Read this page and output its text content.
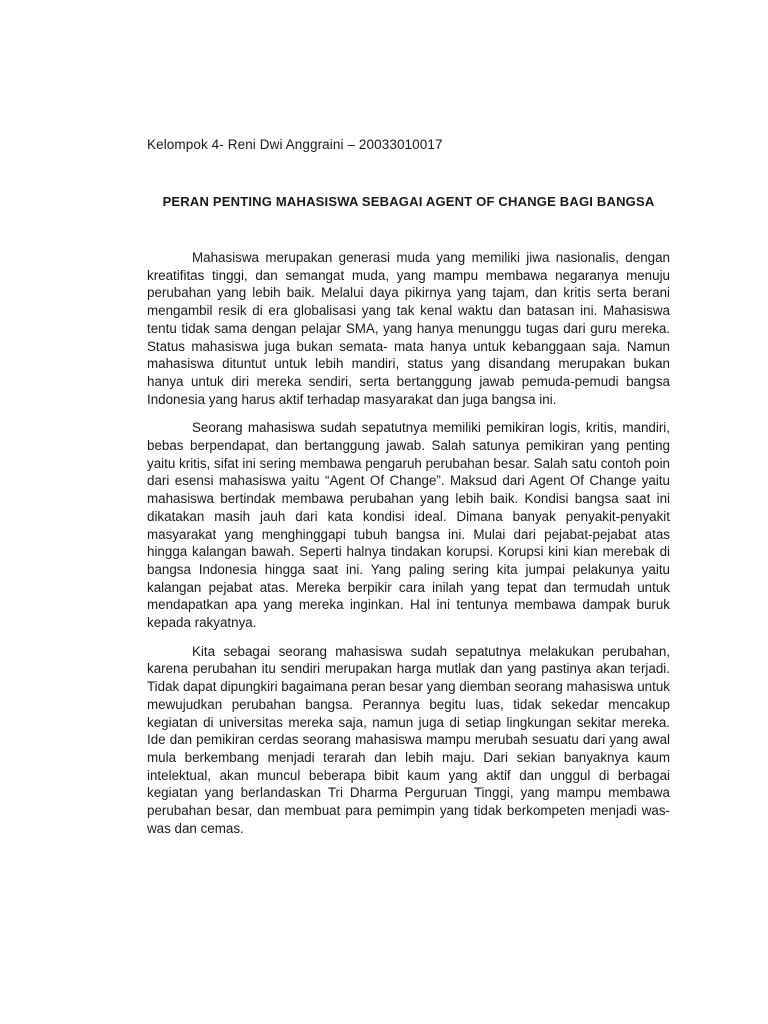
Kelompok 4- Reni Dwi Anggraini – 20033010017

PERAN PENTING MAHASISWA SEBAGAI AGENT OF CHANGE BAGI BANGSA

Mahasiswa merupakan generasi muda yang memiliki jiwa nasionalis, dengan kreatifitas tinggi, dan semangat muda, yang mampu membawa negaranya menuju perubahan yang lebih baik. Melalui daya pikirnya yang tajam, dan kritis serta berani mengambil resik di era globalisasi yang tak kenal waktu dan batasan ini. Mahasiswa tentu tidak sama dengan pelajar SMA, yang hanya menunggu tugas dari guru mereka. Status mahasiswa juga bukan semata- mata hanya untuk kebanggaan saja. Namun mahasiswa dituntut untuk lebih mandiri, status yang disandang merupakan bukan hanya untuk diri mereka sendiri, serta bertanggung jawab pemuda-pemudi bangsa Indonesia yang harus aktif terhadap masyarakat dan juga bangsa ini.

Seorang mahasiswa sudah sepatutnya memiliki pemikiran logis, kritis, mandiri, bebas berpendapat, dan bertanggung jawab. Salah satunya pemikiran yang penting yaitu kritis, sifat ini sering membawa pengaruh perubahan besar. Salah satu contoh poin dari esensi mahasiswa yaitu “Agent Of Change”. Maksud dari Agent Of Change yaitu mahasiswa bertindak membawa perubahan yang lebih baik. Kondisi bangsa saat ini dikatakan masih jauh dari kata kondisi ideal. Dimana banyak penyakit-penyakit masyarakat yang menghinggapi tubuh bangsa ini. Mulai dari pejabat-pejabat atas hingga kalangan bawah. Seperti halnya tindakan korupsi. Korupsi kini kian merebak di bangsa Indonesia hingga saat ini. Yang paling sering kita jumpai pelakunya yaitu kalangan pejabat atas. Mereka berpikir cara inilah yang tepat dan termudah untuk mendapatkan apa yang mereka inginkan. Hal ini tentunya membawa dampak buruk kepada rakyatnya.

Kita sebagai seorang mahasiswa sudah sepatutnya melakukan perubahan, karena perubahan itu sendiri merupakan harga mutlak dan yang pastinya akan terjadi. Tidak dapat dipungkiri bagaimana peran besar yang diemban seorang mahasiswa untuk mewujudkan perubahan bangsa. Perannya begitu luas, tidak sekedar mencakup kegiatan di universitas mereka saja, namun juga di setiap lingkungan sekitar mereka. Ide dan pemikiran cerdas seorang mahasiswa mampu merubah sesuatu dari yang awal mula berkembang menjadi terarah dan lebih maju. Dari sekian banyaknya kaum intelektual, akan muncul beberapa bibit kaum yang aktif dan unggul di berbagai kegiatan yang berlandaskan Tri Dharma Perguruan Tinggi, yang mampu membawa perubahan besar, dan membuat para pemimpin yang tidak berkompeten menjadi was-was dan cemas.
